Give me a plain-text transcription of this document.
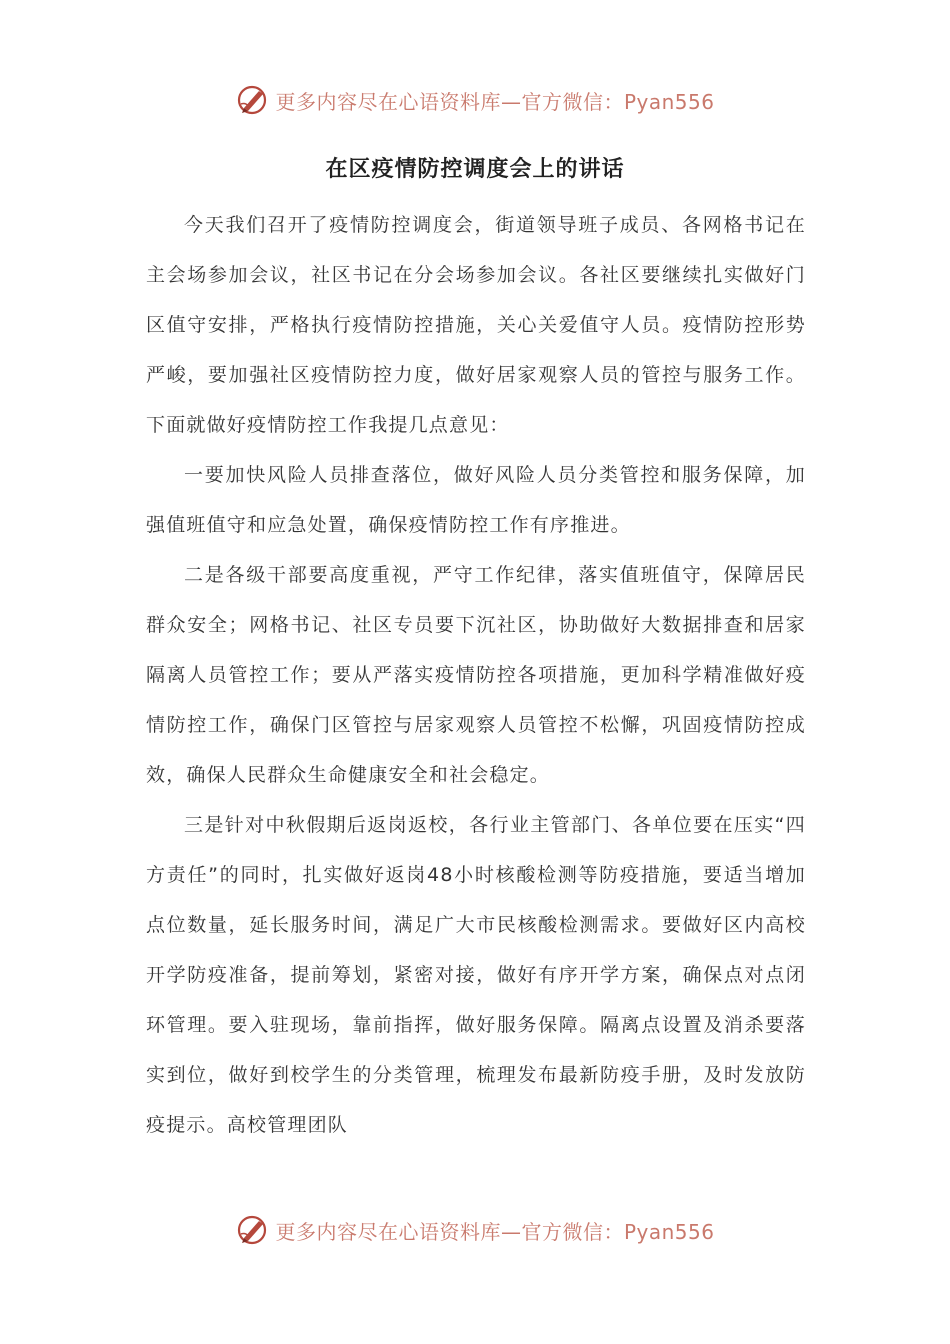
更多内容尽在心语资料库—官方微信：Pyan556
在区疫情防控调度会上的讲话

今天我们召开了疫情防控调度会，街道领导班子成员、各网格书记在主会场参加会议，社区书记在分会场参加会议。各社区要继续扎实做好门区值守安排，严格执行疫情防控措施，关心关爱值守人员。疫情防控形势严峻，要加强社区疫情防控力度，做好居家观察人员的管控与服务工作。下面就做好疫情防控工作我提几点意见：

一要加快风险人员排查落位，做好风险人员分类管控和服务保障，加强值班值守和应急处置，确保疫情防控工作有序推进。

二是各级干部要高度重视，严守工作纪律，落实值班值守，保障居民群众安全；网格书记、社区专员要下沉社区，协助做好大数据排查和居家隔离人员管控工作；要从严落实疫情防控各项措施，更加科学精准做好疫情防控工作，确保门区管控与居家观察人员管控不松懈，巩固疫情防控成效，确保人民群众生命健康安全和社会稳定。

三是针对中秋假期后返岗返校，各行业主管部门、各单位要在压实“四方责任”的同时，扎实做好返岗48小时核酸检测等防疫措施，要适当增加点位数量，延长服务时间，满足广大市民核酸检测需求。要做好区内高校开学防疫准备，提前筹划，紧密对接，做好有序开学方案，确保点对点闭环管理。要入驻现场，靠前指挥，做好服务保障。隔离点设置及消杀要落实到位，做好到校学生的分类管理，梳理发布最新防疫手册，及时发放防疫提示。高校管理团队

更多内容尽在心语资料库—官方微信：Pyan556
